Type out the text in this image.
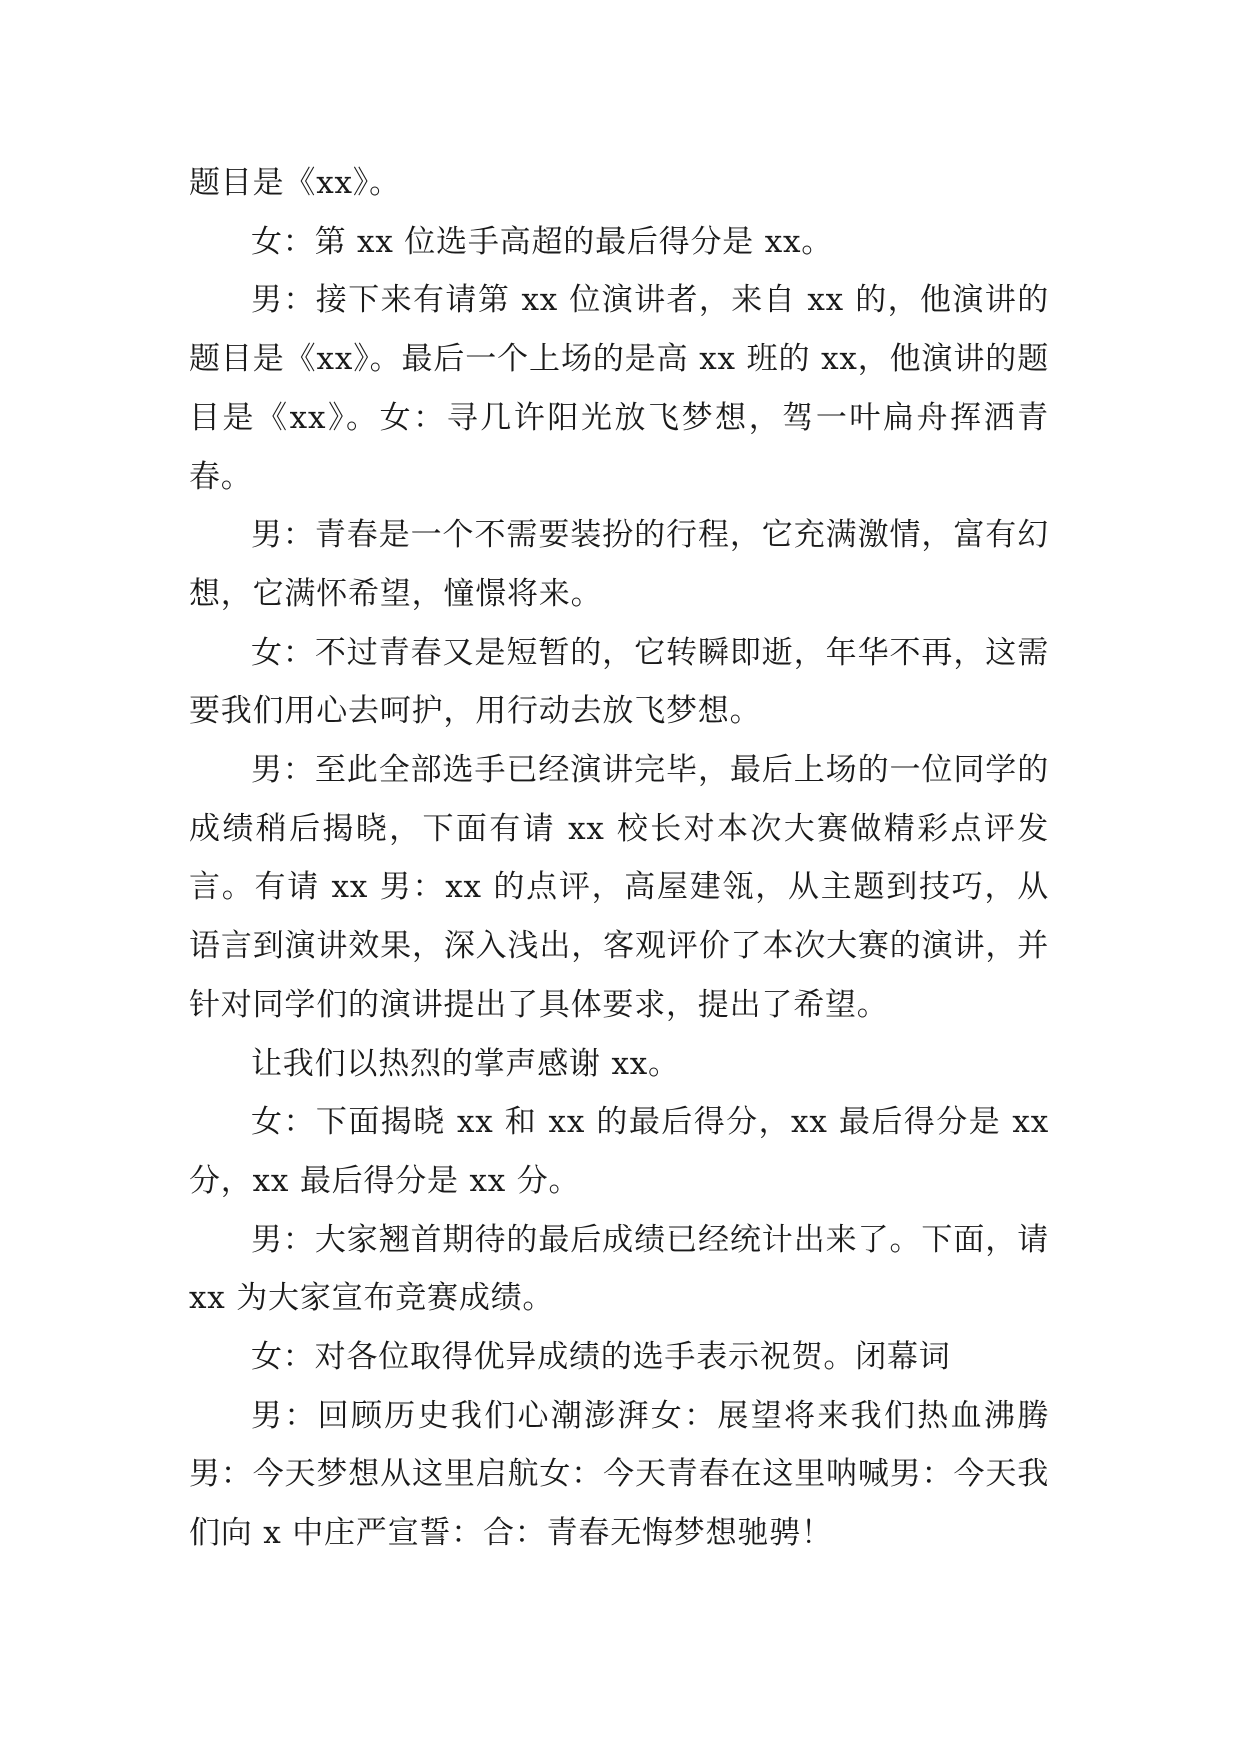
题目是《xx》。

女：第 xx 位选手高超的最后得分是 xx。

男：接下来有请第 xx 位演讲者，来自 xx 的，他演讲的题目是《xx》。最后一个上场的是高 xx 班的 xx，他演讲的题目是《xx》。女：寻几许阳光放飞梦想，驾一叶扁舟挥洒青春。

男：青春是一个不需要装扮的行程，它充满激情，富有幻想，它满怀希望，憧憬将来。

女：不过青春又是短暂的，它转瞬即逝，年华不再，这需要我们用心去呵护，用行动去放飞梦想。

男：至此全部选手已经演讲完毕，最后上场的一位同学的成绩稍后揭晓，下面有请 xx 校长对本次大赛做精彩点评发言。有请 xx 男：xx 的点评，高屋建瓴，从主题到技巧，从语言到演讲效果，深入浅出，客观评价了本次大赛的演讲，并针对同学们的演讲提出了具体要求，提出了希望。

让我们以热烈的掌声感谢 xx。

女：下面揭晓 xx 和 xx 的最后得分，xx 最后得分是 xx 分，xx 最后得分是 xx 分。

男：大家翘首期待的最后成绩已经统计出来了。下面，请 xx 为大家宣布竞赛成绩。

女：对各位取得优异成绩的选手表示祝贺。闭幕词

男：回顾历史我们心潮澎湃女：展望将来我们热血沸腾男：今天梦想从这里启航女：今天青春在这里呐喊男：今天我们向 x 中庄严宣誓：合：青春无悔梦想驰骋！
